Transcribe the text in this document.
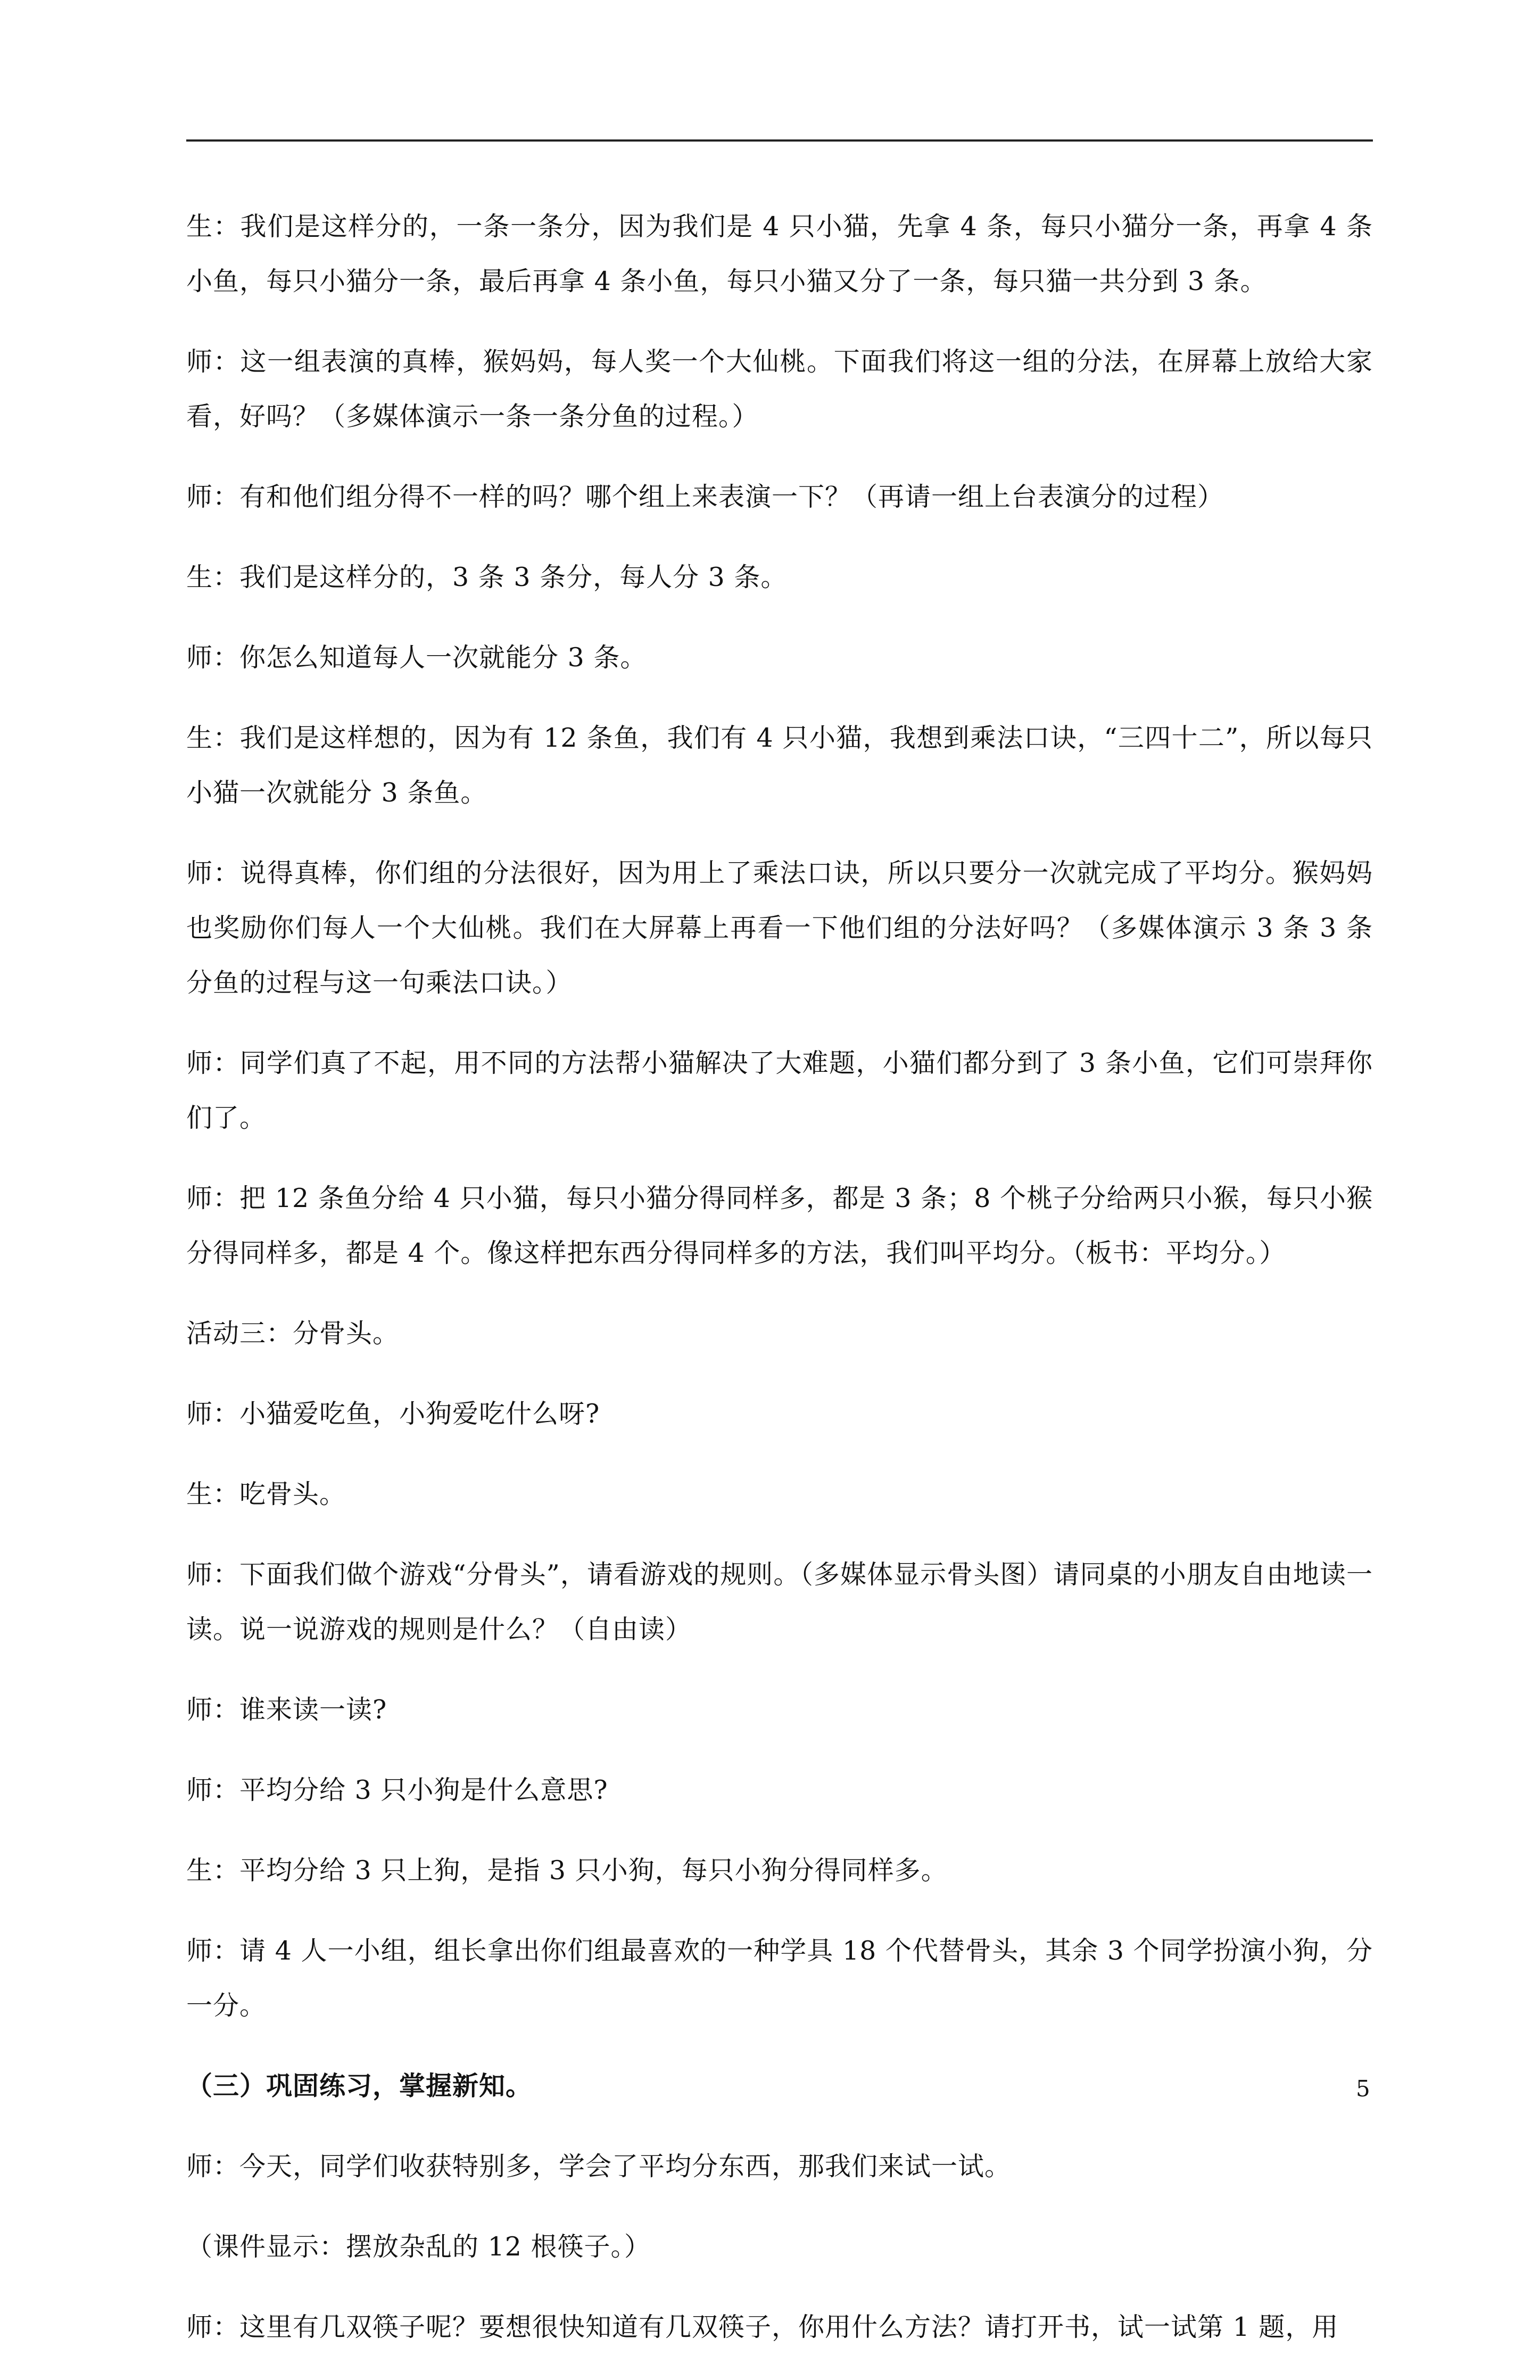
生：我们是这样分的，一条一条分，因为我们是 4 只小猫，先拿 4 条，每只小猫分一条，再拿 4 条小鱼，每只小猫分一条，最后再拿 4 条小鱼，每只小猫又分了一条，每只猫一共分到 3 条。

师：这一组表演的真棒，猴妈妈，每人奖一个大仙桃。下面我们将这一组的分法，在屏幕上放给大家看，好吗？（多媒体演示一条一条分鱼的过程。）

师：有和他们组分得不一样的吗？哪个组上来表演一下？（再请一组上台表演分的过程）

生：我们是这样分的，3 条 3 条分，每人分 3 条。

师：你怎么知道每人一次就能分 3 条。

生：我们是这样想的，因为有 12 条鱼，我们有 4 只小猫，我想到乘法口诀，“三四十二”，所以每只小猫一次就能分 3 条鱼。

师：说得真棒，你们组的分法很好，因为用上了乘法口诀，所以只要分一次就完成了平均分。猴妈妈也奖励你们每人一个大仙桃。我们在大屏幕上再看一下他们组的分法好吗？（多媒体演示 3 条 3 条分鱼的过程与这一句乘法口诀。）

师：同学们真了不起，用不同的方法帮小猫解决了大难题，小猫们都分到了 3 条小鱼，它们可崇拜你们了。

师：把 12 条鱼分给 4 只小猫，每只小猫分得同样多，都是 3 条；8 个桃子分给两只小猴，每只小猴分得同样多，都是 4 个。像这样把东西分得同样多的方法，我们叫平均分。（板书：平均分。）

活动三：分骨头。

师：小猫爱吃鱼，小狗爱吃什么呀?

生：吃骨头。

师：下面我们做个游戏“分骨头”，请看游戏的规则。（多媒体显示骨头图）请同桌的小朋友自由地读一读。说一说游戏的规则是什么？（自由读）

师：谁来读一读?

师：平均分给 3 只小狗是什么意思?

生：平均分给 3 只上狗，是指 3 只小狗，每只小狗分得同样多。

师：请 4 人一小组，组长拿出你们组最喜欢的一种学具 18 个代替骨头，其余 3 个同学扮演小狗，分一分。

（三）巩固练习，掌握新知。

师：今天，同学们收获特别多，学会了平均分东西，那我们来试一试。

（课件显示：摆放杂乱的 12 根筷子。）

师：这里有几双筷子呢？要想很快知道有几双筷子，你用什么方法？请打开书，试一试第 1 题，用

5
